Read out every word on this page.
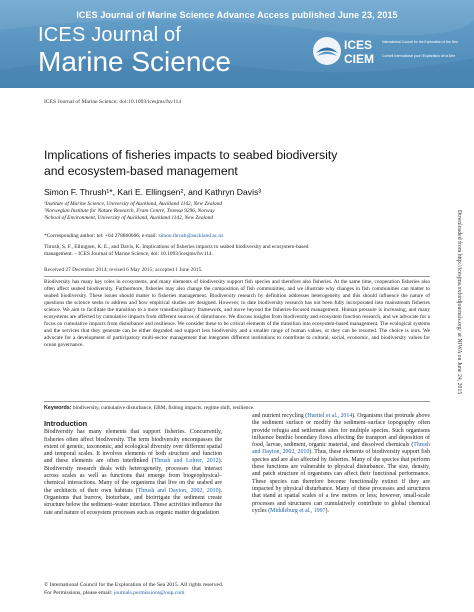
ICES Journal of Marine Science Advance Access published June 23, 2015
ICES Journal of
Marine Science
ICES
CIEM
International Council for the Exploration of the Sea
Conseil International pour l'Exploration de la Mer
ICES Journal of Marine Science; doi:10.1093/icesjms/fsv114
Implications of fisheries impacts to seabed biodiversity
and ecosystem-based management
Simon F. Thrush¹*, Kari E. Ellingsen², and Kathryn Davis³
¹Institute of Marine Science, University of Auckland, Auckland 1142, New Zealand
²Norwegian Institute for Nature Research, Fram Centre, Tromsø 9296, Norway
³School of Environment, University of Auckland, Auckland 1142, New Zealand
*Corresponding author: tel: +64 278860666; e-mail: simon.thrush@auckland.ac.nz
Thrush, S. F., Ellingsen, K. E., and Davis, K. Implications of fisheries impacts to seabed biodiversity and ecosystem-based
management. – ICES Journal of Marine Science, doi: 10.1093/icesjms/fsv114.
Received 27 December 2014; revised 6 May 2015; accepted 1 June 2015.
Biodiversity has many key roles in ecosystems, and many elements of biodiversity support fish species and therefore also fisheries. At the same time, cooperation fisheries also often affect seabed biodiversity. Furthermore, fisheries may also change the composition of fish communities, and we illustrate why changes in fish communities can matter to seabed biodiversity. These issues should matter to fisheries management. Biodiversity research by definition addresses heterogeneity and this should influence the nature of questions the science seeks to address and how empirical studies are designed. However, to date biodiversity research has not been fully incorporated into mainstream fisheries science. We aim to facilitate the transition to a more transdisciplinary framework, and move beyond the fisheries-focused management. Human pressure is increasing, and many ecosystems are affected by cumulative impacts from different sources of disturbance. We discuss insights from biodiversity and ecosystem function research, and we advocate for a focus on cumulative impacts from disturbance and resilience. We consider these to be critical elements of the transition into ecosystem-based management. The ecological systems and the services that they generate can be either degraded and support less biodiversity and a smaller range of human values, or they can be resorted. The choice is ours. We advocate for a development of participatory multi-sector management that integrates different institutions to contribute to cultural, social, economic, and biodiversity values for ocean governance.
Keywords: biodiversity, cumulative disturbance, EBM, fishing impacts, regime shift, resilience.
Introduction

Biodiversity has many elements that support fisheries. Concurrently, fisheries often affect biodiversity. The term biodiversity encompasses the extent of genetic, taxonomic, and ecological diversity over different spatial and temporal scales. It involves elements of both structure and function and these elements are often interlinked (Thrush and Lohrer, 2012). Biodiversity research deals with heterogeneity, processes that interact across scales as well as functions that emerge from biogeophysical–chemical interactions. Many of the organisms that live on the seabed are the architects of their own habitats (Thrush and Dayton, 2002, 2010). Organisms that burrow, bioturbate, and bioirrigate the sediment create structure below the sediment–water interface. These activities influence the rate and nature of ecosystem processes such as organic matter degradation

and nutrient recycling (Huettel et al., 2014). Organisms that protrude above the sediment surface or modify the sediment–surface topography often provide refugia and settlement sites for multiple species. Such organisms influence benthic boundary flows affecting the transport and deposition of food, larvae, sediment, organic material, and dissolved chemicals (Thrush and Dayton, 2002, 2010). Thus, these elements of biodiversity support fish species and are also affected by fisheries. Many of the species that perform these functions are vulnerable to physical disturbance. The size, density, and patch structure of organisms can affect their functional performance. These species can therefore become functionally extinct if they are impacted by physical disturbance. Many of these processes and structures that stand at spatial scales of a few metres or less; however, small-scale processes and structures can cumulatively contribute to global chemical cycles (Middleburg et al., 1997).

© International Council for the Exploration of the Sea 2015. All rights reserved.
For Permissions, please email: journals.permissions@oup.com
Downloaded from http://icesjms.oxfordjournals.org/ at NIWA on June 24, 2015
